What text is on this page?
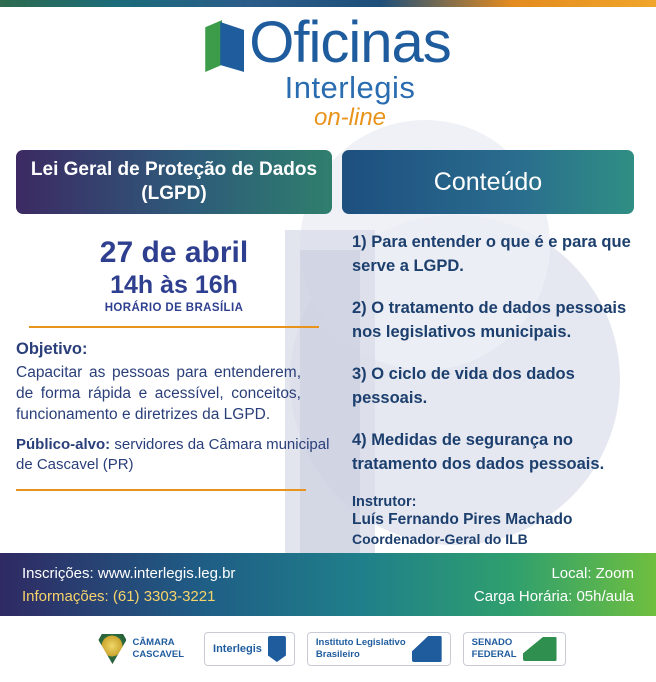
Oficinas
Interlegis
on-line
Lei Geral de Proteção de Dados (LGPD)	Conteúdo
27 de abril
14h às 16h
HORÁRIO DE BRASÍLIA
Objetivo:
Capacitar as pessoas para entenderem, de forma rápida e acessível, conceitos, funcionamento e diretrizes da LGPD.
Público-alvo: servidores da Câmara municipal de Cascavel (PR)
1) Para entender o que é e para que serve a LGPD.
2) O tratamento de dados pessoais nos legislativos municipais.
3) O ciclo de vida dos dados pessoais.
4) Medidas de segurança no tratamento dos dados pessoais.
Instrutor:
Luís Fernando Pires Machado
Coordenador-Geral do ILB
Inscrições: www.interlegis.leg.br
Informações: (61) 3303-3221
Local: Zoom
Carga Horária: 05h/aula
CÂMARA
CASCAVEL	Interlegis
Instituto Legislativo
Brasileiro
SENADO
FEDERAL
